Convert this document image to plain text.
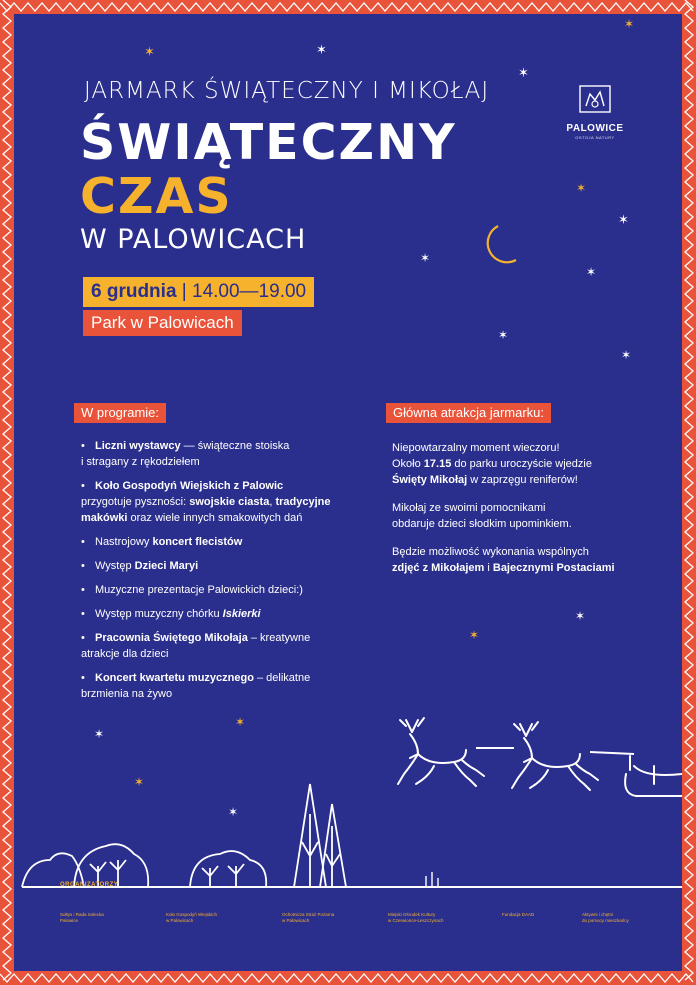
✶
✶
✶
✶
✶
✶
✶
✶
✶
✶
✶
✶
✶
✶
✶
✶
JARMARK ŚWIĄTECZNY I MIKOŁAJ
ŚWIĄTECZNY
CZAS
W PALOWICACH
6 grudnia | 14.00—19.00
Park w Palowicach
PALOWICE
OSTOJA NATURY
W programie:
• Liczni wystawcy — świąteczne stoiska
i stragany z rękodziełem
• Koło Gospodyń Wiejskich z Palowic
przygotuje pyszności: swojskie ciasta, tradycyjne
makówki oraz wiele innych smakowitych dań
• Nastrojowy koncert flecistów
• Występ Dzieci Maryi
• Muzyczne prezentacje Palowickich dzieci:)
• Występ muzyczny chórku Iskierki
• Pracownia Świętego Mikołaja – kreatywne
atrakcje dla dzieci
• Koncert kwartetu muzycznego – delikatne
brzmienia na żywo
Główna atrakcja jarmarku:

Niepowtarzalny moment wieczoru!
Około 17.15 do parku uroczyście wjedzie
Święty Mikołaj w zaprzęgu reniferów!

Mikołaj ze swoimi pomocnikami
obdaruje dzieci słodkim upominkiem.

Będzie możliwość wykonania wspólnych
zdjęć z Mikołajem i Bajecznymi Postaciami

ORGANIZATORZY
Sołtys i Rada Sołecka
Palowice
Koło Gospodyń Wiejskich
w Palowicach
Ochotnicza Straż Pożarna
w Palowicach
Miejski Ośrodek Kultury
w Czerwionce-Leszczynach
Fundacja DAAD	Aktywni i chętni
do pomocy mieszkańcy
